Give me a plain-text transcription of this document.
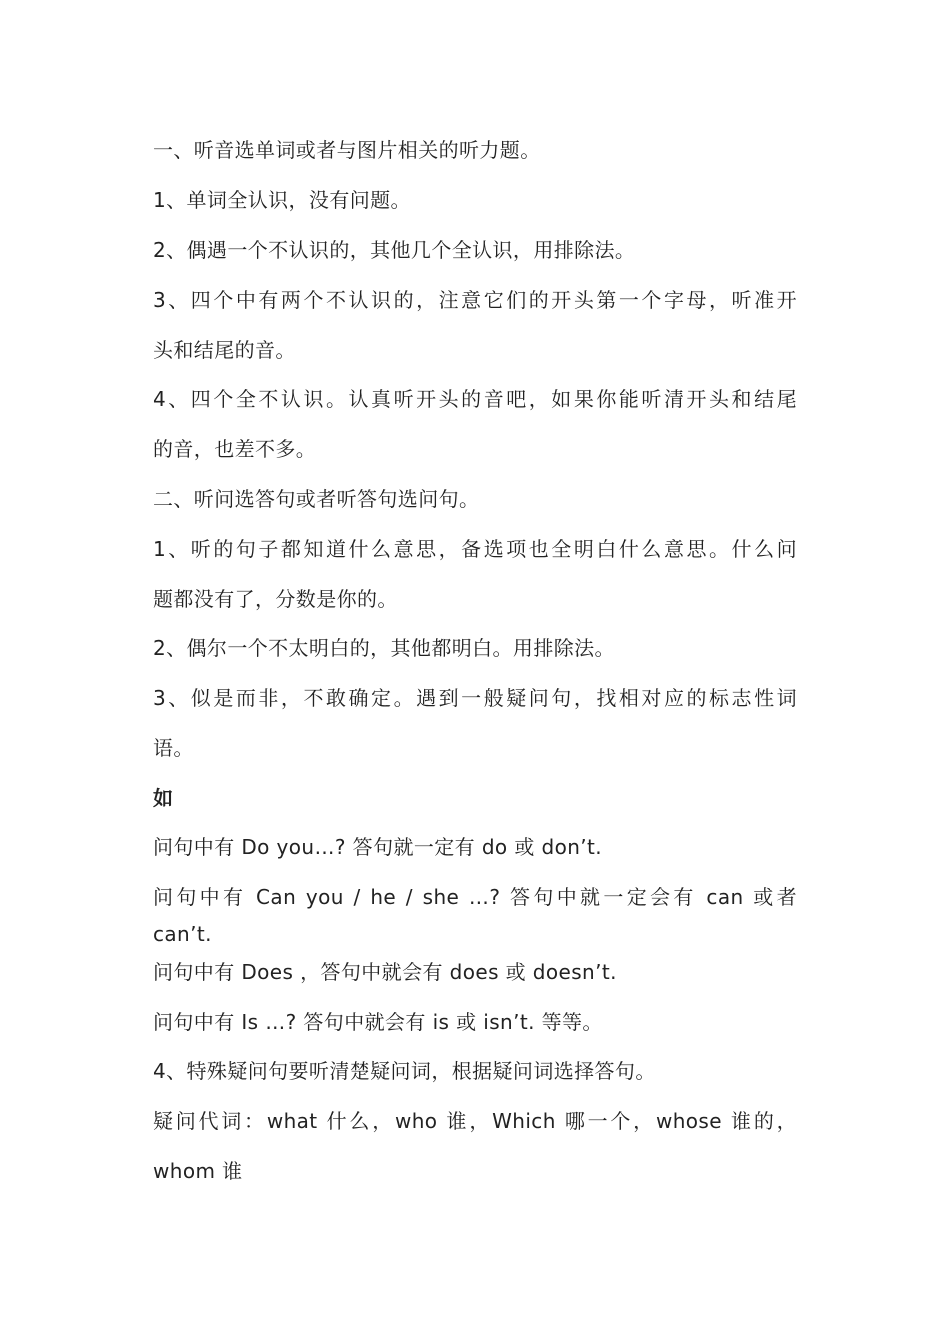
一、听音选单词或者与图片相关的听力题。
1、单词全认识，没有问题。
2、偶遇一个不认识的，其他几个全认识，用排除法。
3、四个中有两个不认识的，注意它们的开头第一个字母，听准开
头和结尾的音。
4、四个全不认识。认真听开头的音吧，如果你能听清开头和结尾
的音，也差不多。
二、听问选答句或者听答句选问句。
1、听的句子都知道什么意思，备选项也全明白什么意思。什么问
题都没有了，分数是你的。
2、偶尔一个不太明白的，其他都明白。用排除法。
3、似是而非，不敢确定。遇到一般疑问句，找相对应的标志性词
语。
如
问句中有 Do you…? 答句就一定有 do 或 don’t.
问句中有 Can you / he / she …? 答句中就一定会有 can 或者
can’t.
问句中有 Does ，答句中就会有 does 或 doesn’t.
问句中有 Is …? 答句中就会有 is 或 isn’t. 等等。
4、特殊疑问句要听清楚疑问词，根据疑问词选择答句。
疑问代词：what 什么，who 谁，Which 哪一个，whose 谁的，
whom 谁
